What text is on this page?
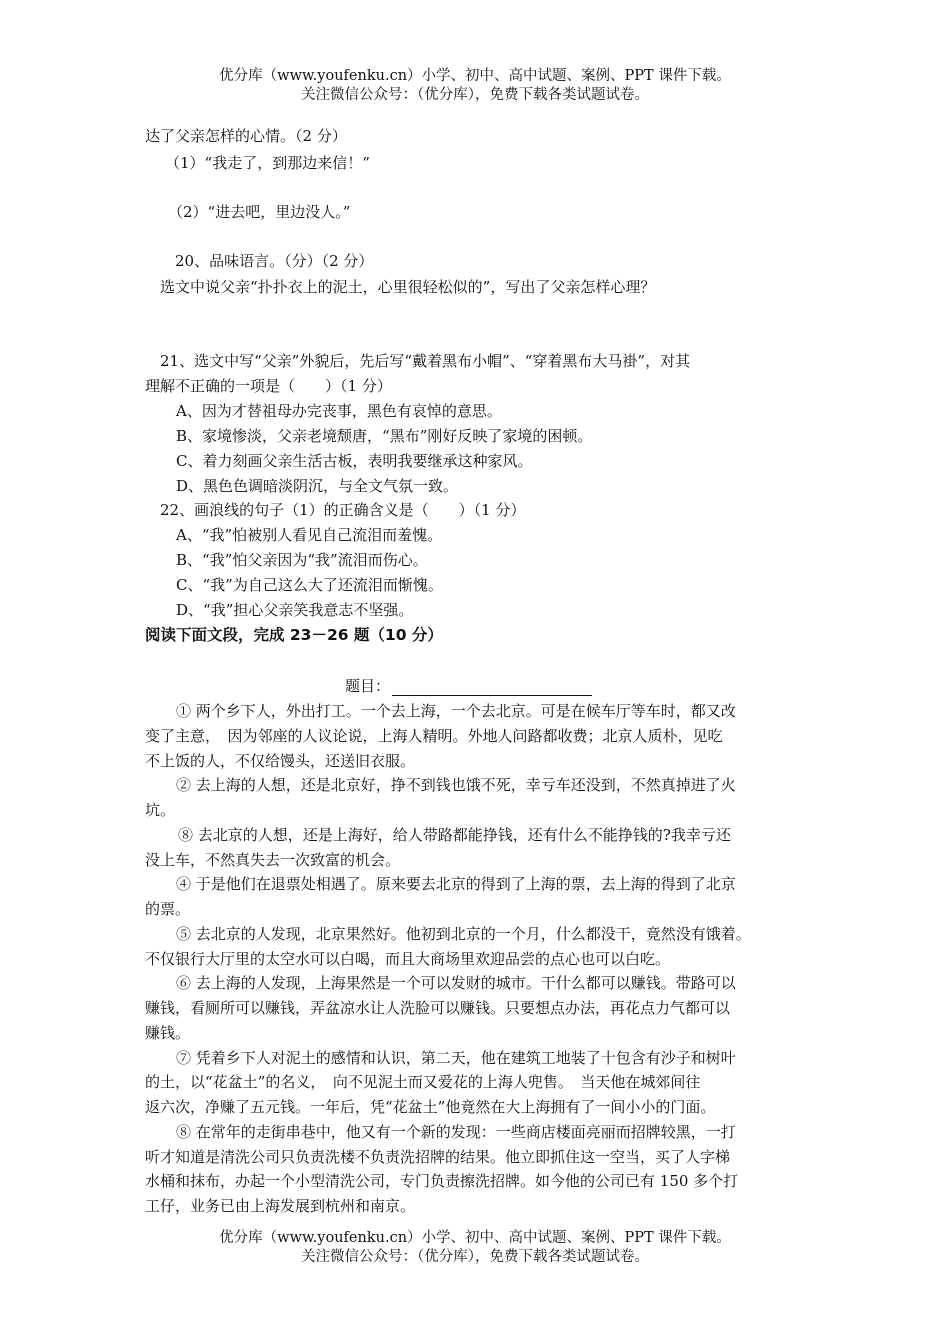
优分库（www.youfenku.cn）小学、初中、高中试题、案例、PPT 课件下载。
关注微信公众号：（优分库），免费下载各类试题试卷。
达了父亲怎样的心情。（2 分）
（1）“我走了，到那边来信！”
（2）“进去吧，里边没人。”
20、品味语言。（分）（2 分）
选文中说父亲“扑扑衣上的泥土，心里很轻松似的”，写出了父亲怎样心理？
21、选文中写“父亲”外貌后，先后写“戴着黑布小帽”、“穿着黑布大马褂”，对其
理解不正确的一项是（　　）（1 分）
A、因为才替祖母办完丧事，黑色有哀悼的意思。
B、家境惨淡，父亲老境颓唐，“黑布”刚好反映了家境的困顿。
C、着力刻画父亲生活古板，表明我要继承这种家风。
D、黑色色调暗淡阴沉，与全文气氛一致。
22、画浪线的句子（1）的正确含义是（　　）（1 分）
A、“我”怕被别人看见自己流泪而羞愧。
B、“我”怕父亲因为“我”流泪而伤心。
C、“我”为自己这么大了还流泪而惭愧。
D、“我”担心父亲笑我意志不坚强。
阅读下面文段，完成 23－26 题（10 分）
题目：
① 两个乡下人，外出打工。一个去上海，一个去北京。可是在候车厅等车时，都又改
变了主意，　因为邻座的人议论说，上海人精明。外地人问路都收费；北京人质朴，见吃
不上饭的人，不仅给馒头，还送旧衣服。
② 去上海的人想，还是北京好，挣不到钱也饿不死，幸亏车还没到，不然真掉进了火
坑。
⑧ 去北京的人想，还是上海好，给人带路都能挣钱，还有什么不能挣钱的?我幸亏还
没上车，不然真失去一次致富的机会。
④ 于是他们在退票处相遇了。原来要去北京的得到了上海的票，去上海的得到了北京
的票。
⑤ 去北京的人发现，北京果然好。他初到北京的一个月，什么都没干，竟然没有饿着。
不仅银行大厅里的太空水可以白喝，而且大商场里欢迎品尝的点心也可以白吃。
⑥ 去上海的人发现，上海果然是一个可以发财的城市。干什么都可以赚钱。带路可以
赚钱，看厕所可以赚钱，弄盆凉水让人洗脸可以赚钱。只要想点办法，再花点力气都可以
赚钱。
⑦ 凭着乡下人对泥土的感情和认识，第二天，他在建筑工地装了十包含有沙子和树叶
的土，以“花盆土”的名义，　向不见泥土而又爱花的上海人兜售。　当天他在城郊间往
返六次，净赚了五元钱。一年后，凭“花盆土”他竟然在大上海拥有了一间小小的门面。
⑧ 在常年的走街串巷中，他又有一个新的发现：一些商店楼面亮丽而招牌较黑，一打
听才知道是清洗公司只负责洗楼不负责洗招牌的结果。他立即抓住这一空当，买了人字梯
水桶和抹布，办起一个小型清洗公司，专门负责擦洗招牌。如今他的公司已有 150 多个打
工仔，业务已由上海发展到杭州和南京。
优分库（www.youfenku.cn）小学、初中、高中试题、案例、PPT 课件下载。
关注微信公众号：（优分库），免费下载各类试题试卷。
